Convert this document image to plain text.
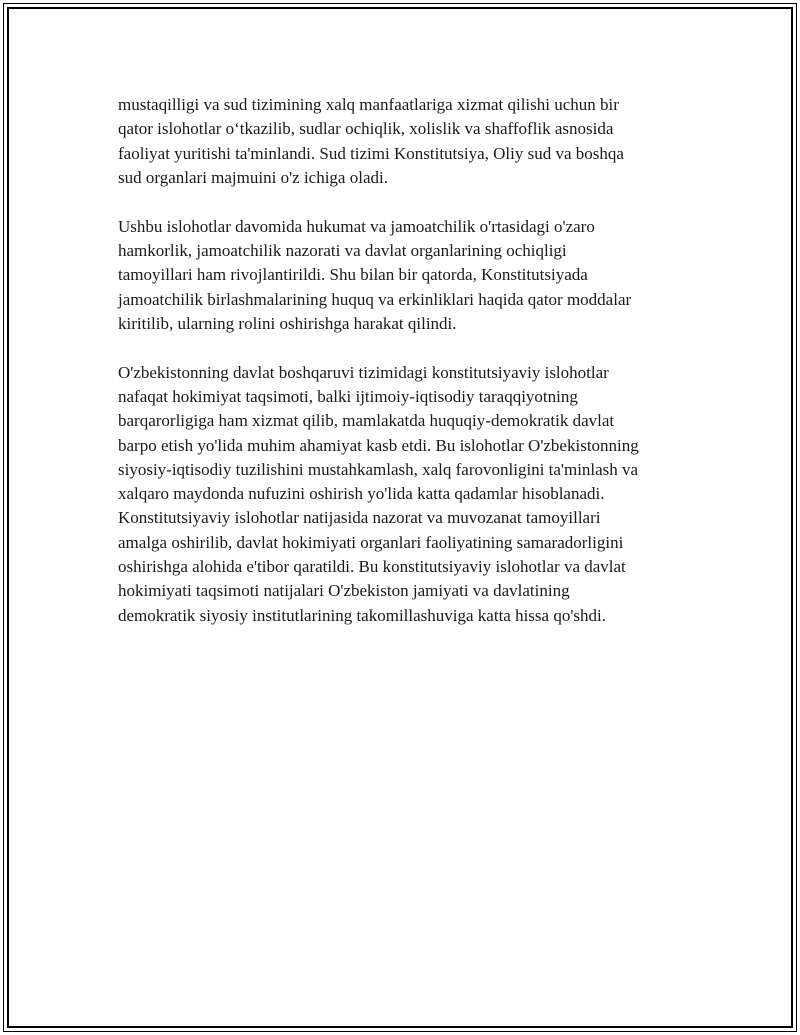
mustaqilligi va sud tizimining xalq manfaatlariga xizmat qilishi uchun bir
qator islohotlar o‘tkazilib, sudlar ochiqlik, xolislik va shaffoflik asnosida
faoliyat yuritishi ta'minlandi. Sud tizimi Konstitutsiya, Oliy sud va boshqa
sud organlari majmuini o'z ichiga oladi.

Ushbu islohotlar davomida hukumat va jamoatchilik o'rtasidagi o'zaro
hamkorlik, jamoatchilik nazorati va davlat organlarining ochiqligi
tamoyillari ham rivojlantirildi. Shu bilan bir qatorda, Konstitutsiyada
jamoatchilik birlashmalarining huquq va erkinliklari haqida qator moddalar
kiritilib, ularning rolini oshirishga harakat qilindi.

O'zbekistonning davlat boshqaruvi tizimidagi konstitutsiyaviy islohotlar
nafaqat hokimiyat taqsimoti, balki ijtimoiy-iqtisodiy taraqqiyotning
barqarorligiga ham xizmat qilib, mamlakatda huquqiy-demokratik davlat
barpo etish yo'lida muhim ahamiyat kasb etdi. Bu islohotlar O'zbekistonning
siyosiy-iqtisodiy tuzilishini mustahkamlash, xalq farovonligini ta'minlash va
xalqaro maydonda nufuzini oshirish yo'lida katta qadamlar hisoblanadi.
Konstitutsiyaviy islohotlar natijasida nazorat va muvozanat tamoyillari
amalga oshirilib, davlat hokimiyati organlari faoliyatining samaradorligini
oshirishga alohida e'tibor qaratildi. Bu konstitutsiyaviy islohotlar va davlat
hokimiyati taqsimoti natijalari O'zbekiston jamiyati va davlatining
demokratik siyosiy institutlarining takomillashuviga katta hissa qo'shdi.
